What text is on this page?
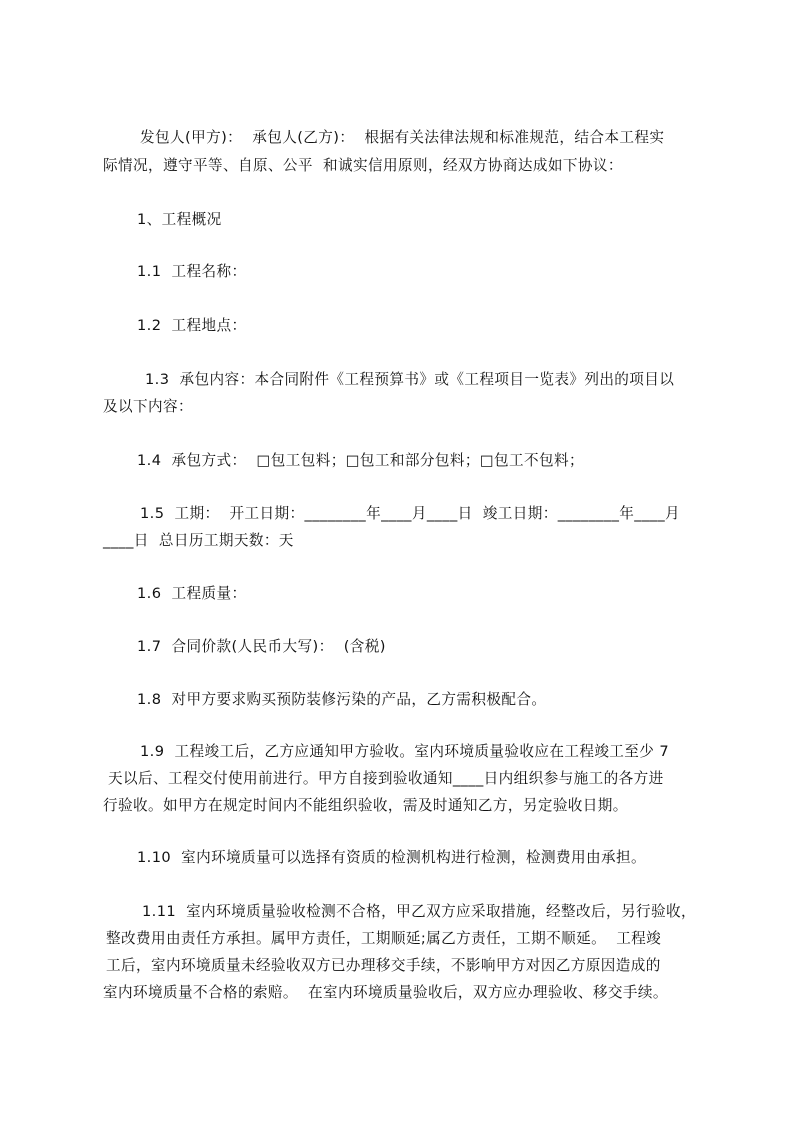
发包人(甲方)：  承包人(乙方)：  根据有关法律法规和标准规范，结合本工程实
际情况，遵守平等、自原、公平  和诚实信用原则，经双方协商达成如下协议：
1、工程概况
1.1  工程名称：
1.2  工程地点：
1.3  承包内容：本合同附件《工程预算书》或《工程项目一览表》列出的项目以
及以下内容：
1.4  承包方式：  □包工包料；□包工和部分包料；□包工不包料；
1.5  工期：  开工日期：________年____月____日  竣工日期：________年____月
____日  总日历工期天数：天
1.6  工程质量：
1.7  合同价款(人民币大写)：  (含税)
1.8  对甲方要求购买预防装修污染的产品，乙方需积极配合。
1.9  工程竣工后，乙方应通知甲方验收。室内环境质量验收应在工程竣工至少 7
天以后、工程交付使用前进行。甲方自接到验收通知____日内组织参与施工的各方进
行验收。如甲方在规定时间内不能组织验收，需及时通知乙方，另定验收日期。
1.10  室内环境质量可以选择有资质的检测机构进行检测，检测费用由承担。
1.11  室内环境质量验收检测不合格，甲乙双方应采取措施，经整改后，另行验收，
整改费用由责任方承担。属甲方责任，工期顺延;属乙方责任，工期不顺延。  工程竣
工后，室内环境质量未经验收双方已办理移交手续，不影响甲方对因乙方原因造成的
室内环境质量不合格的索赔。  在室内环境质量验收后，双方应办理验收、移交手续。
